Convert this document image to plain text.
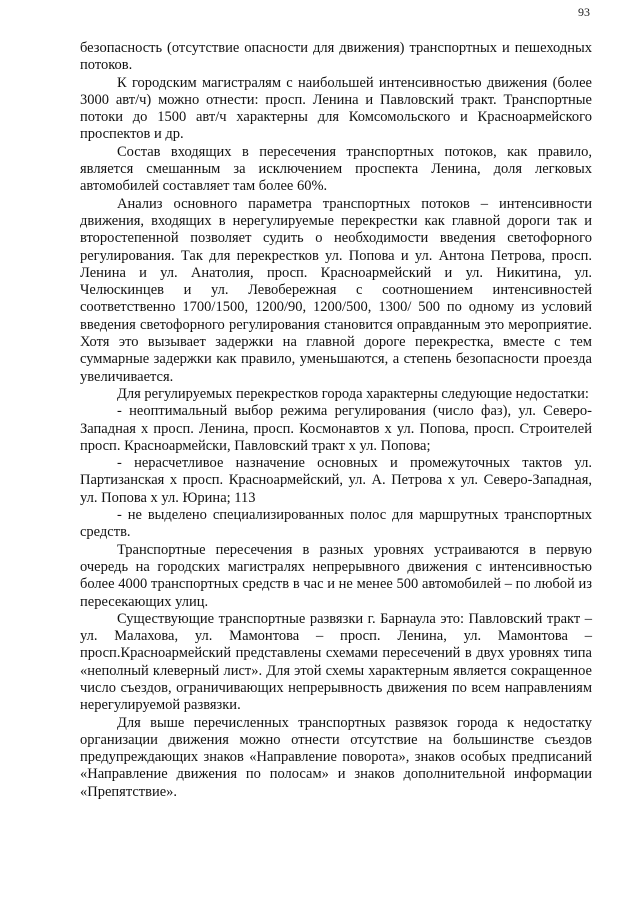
93

безопасность (отсутствие опасности для движения) транспортных и пешеходных потоков.

К городским магистралям с наибольшей интенсивностью движения (более 3000 авт/ч) можно отнести: просп. Ленина и Павловский тракт. Транспортные потоки до 1500 авт/ч характерны для Комсомольского и Красноармейского проспектов и др.

Состав входящих в пересечения транспортных потоков, как правило, является смешанным за исключением проспекта Ленина, доля легковых автомобилей составляет там более 60%.

Анализ основного параметра транспортных потоков – интенсивности движения, входящих в нерегулируемые перекрестки как главной дороги так и второстепенной позволяет судить о необходимости введения светофорного регулирования. Так для перекрестков ул. Попова и ул. Антона Петрова, просп. Ленина и ул. Анатолия, просп. Красноармейский и ул. Никитина, ул. Челюскинцев и ул. Левобережная с соотношением интенсивностей соответственно 1700/1500, 1200/90, 1200/500, 1300/ 500 по одному из условий введения светофорного регулирования становится оправданным это мероприятие. Хотя это вызывает задержки на главной дороге перекрестка, вместе с тем суммарные задержки как правило, уменьшаются, а степень безопасности проезда увеличивается.

Для регулируемых перекрестков города характерны следующие недостатки:

- неоптимальный выбор режима регулирования (число фаз), ул. Северо-Западная х просп. Ленина, просп. Космонавтов х ул. Попова, просп. Строителей просп. Красноармейски, Павловский тракт х ул. Попова;

- нерасчетливое назначение основных и промежуточных тактов ул. Партизанская х просп. Красноармейский, ул. А. Петрова х ул. Северо-Западная, ул. Попова х ул. Юрина; 113

- не выделено специализированных полос для маршрутных транспортных средств.

Транспортные пересечения в разных уровнях устраиваются в первую очередь на городских магистралях непрерывного движения с интенсивностью более 4000 транспортных средств в час и не менее 500 автомобилей – по любой из пересекающих улиц.

Существующие транспортные развязки г. Барнаула это: Павловский тракт – ул. Малахова, ул. Мамонтова – просп. Ленина, ул. Мамонтова – просп.Красноармейский представлены схемами пересечений в двух уровнях типа «неполный клеверный лист». Для этой схемы характерным является сокращенное число съездов, ограничивающих непрерывность движения по всем направлениям нерегулируемой развязки.

Для выше перечисленных транспортных развязок города к недостатку организации движения можно отнести отсутствие на большинстве съездов предупреждающих знаков «Направление поворота», знаков особых предписаний «Направление движения по полосам» и знаков дополнительной информации «Препятствие».
